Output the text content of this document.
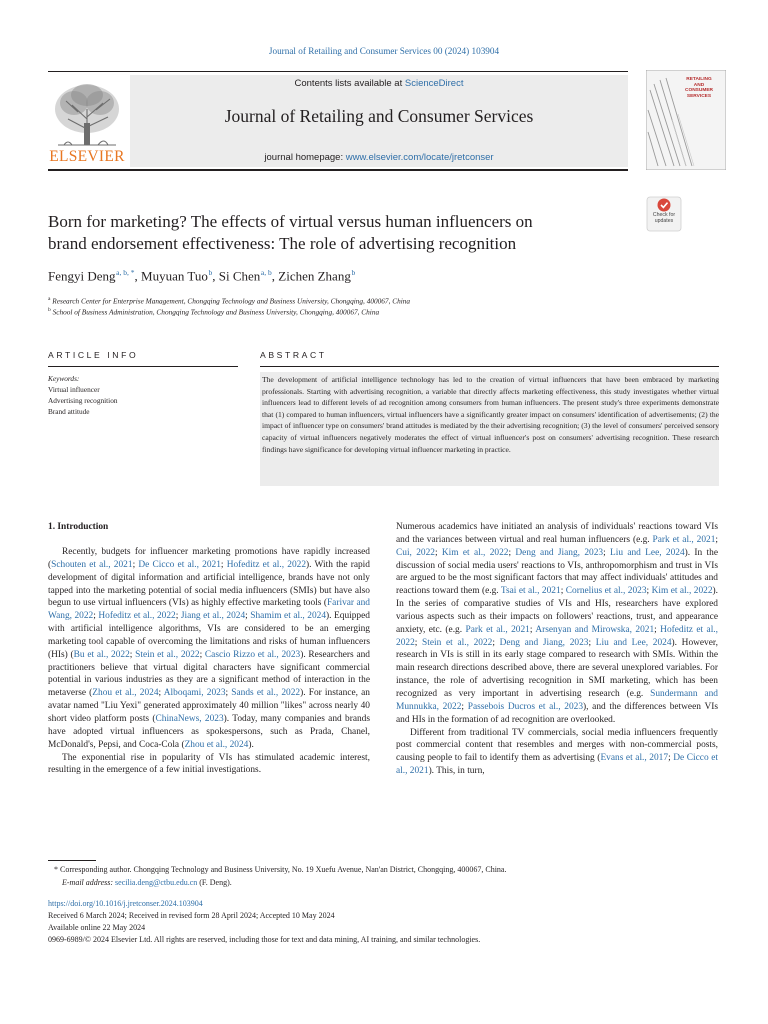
Journal of Retailing and Consumer Services 00 (2024) 103904
Contents lists available at ScienceDirect
Journal of Retailing and Consumer Services
journal homepage: www.elsevier.com/locate/jretconser
ELSEVIER
RETAILING
AND
CONSUMER
SERVICES
Check for
updates
Born for marketing? The effects of virtual versus human influencers on
brand endorsement effectiveness: The role of advertising recognition
Fengyi Deng $^{a, b, *}$, Muyuan Tuo $^b$, Si Chen $^{a, b}$, Zichen Zhang $^b$
$^a$ Research Center for Enterprise Management, Chongqing Technology and Business University, Chongqing, 400067, China
$^b$ School of Business Administration, Chongqing Technology and Business University, Chongqing, 400067, China
ARTICLE INFO	ABSTRACT
Keywords:
Virtual influencer
Advertising recognition
Brand attitude
The development of artificial intelligence technology has led to the creation of virtual influencers that have been embraced by marketing professionals. Starting with advertising recognition, a variable that directly affects marketing effectiveness, this study investigates whether virtual influencers lead to different levels of ad recognition among consumers from human influencers. The present study's three experiments demonstrate that (1) compared to human influencers, virtual influencers have a significantly greater impact on consumers' identification of advertisements; (2) the impact of influencer type on consumers' brand attitudes is mediated by the their advertising recognition; (3) the level of consumers' perceived sensory capacity of virtual influencers negatively moderates the effect of virtual influencer's post on consumers' advertising recognition. These research findings have significance for developing virtual influencer marketing in practice.
1. Introduction

Recently, budgets for influencer marketing promotions have rapidly increased (Schouten et al., 2021; De Cicco et al., 2021; Hofeditz et al., 2022). With the rapid development of digital information and artificial intelligence, brands have not only tapped into the marketing potential of social media influencers (SMIs) but have also begun to use virtual influencers (VIs) as highly effective marketing tools (Farivar and Wang, 2022; Hofeditz et al., 2022; Jiang et al., 2024; Shamim et al., 2024). Equipped with artificial intelligence algorithms, VIs are considered to be an emerging marketing tool capable of overcoming the limitations and risks of human influencers (HIs) (Bu et al., 2022; Stein et al., 2022; Cascio Rizzo et al., 2023). Researchers and practitioners believe that virtual digital characters have significant commercial potential in various industries as they are a significant method of interaction in the metaverse (Zhou et al., 2024; Alboqami, 2023; Sands et al., 2022). For instance, an avatar named "Liu Yexi" generated approximately 40 million "likes" across nearly 40 short video platform posts (ChinaNews, 2023). Today, many companies and brands have adopted virtual influencers as spokespersons, such as Prada, Chanel, McDonald's, Pepsi, and Coca-Cola (Zhou et al., 2024).

The exponential rise in popularity of VIs has stimulated academic interest, resulting in the emergence of a few initial investigations.

Numerous academics have initiated an analysis of individuals' reactions toward VIs and the variances between virtual and real human influencers (e.g. Park et al., 2021; Cui, 2022; Kim et al., 2022; Deng and Jiang, 2023; Liu and Lee, 2024). In the discussion of social media users' reactions to VIs, anthropomorphism and trust in VIs are argued to be the most significant factors that may affect individuals' attitudes and reactions toward them (e.g. Tsai et al., 2021; Cornelius et al., 2023; Kim et al., 2022). In the series of comparative studies of VIs and HIs, researchers have explored various aspects such as their impacts on followers' reactions, trust, and appearance anxiety, etc. (e.g. Park et al., 2021; Arsenyan and Mirowska, 2021; Hofeditz et al., 2022; Stein et al., 2022; Deng and Jiang, 2023; Liu and Lee, 2024). However, research in VIs is still in its early stage compared to research with SMIs. Within the main research directions described above, there are several unexplored variables. For instance, the role of advertising recognition in SMI marketing, which has been recognized as very important in advertising research (e.g. Sundermann and Munnukka, 2022; Passebois Ducros et al., 2023), and the differences between VIs and HIs in the formation of ad recognition are overlooked.

Different from traditional TV commercials, social media influencers frequently post commercial content that resembles and merges with non-commercial posts, causing people to fail to identify them as advertising (Evans et al., 2017; De Cicco et al., 2021). This, in turn,

* Corresponding author. Chongqing Technology and Business University, No. 19 Xuefu Avenue, Nan'an District, Chongqing, 400067, China.
E-mail address: secilia.deng@ctbu.edu.cn (F. Deng).
https://doi.org/10.1016/j.jretconser.2024.103904
Received 6 March 2024; Received in revised form 28 April 2024; Accepted 10 May 2024
Available online 22 May 2024
0969-6989/© 2024 Elsevier Ltd. All rights are reserved, including those for text and data mining, AI training, and similar technologies.
